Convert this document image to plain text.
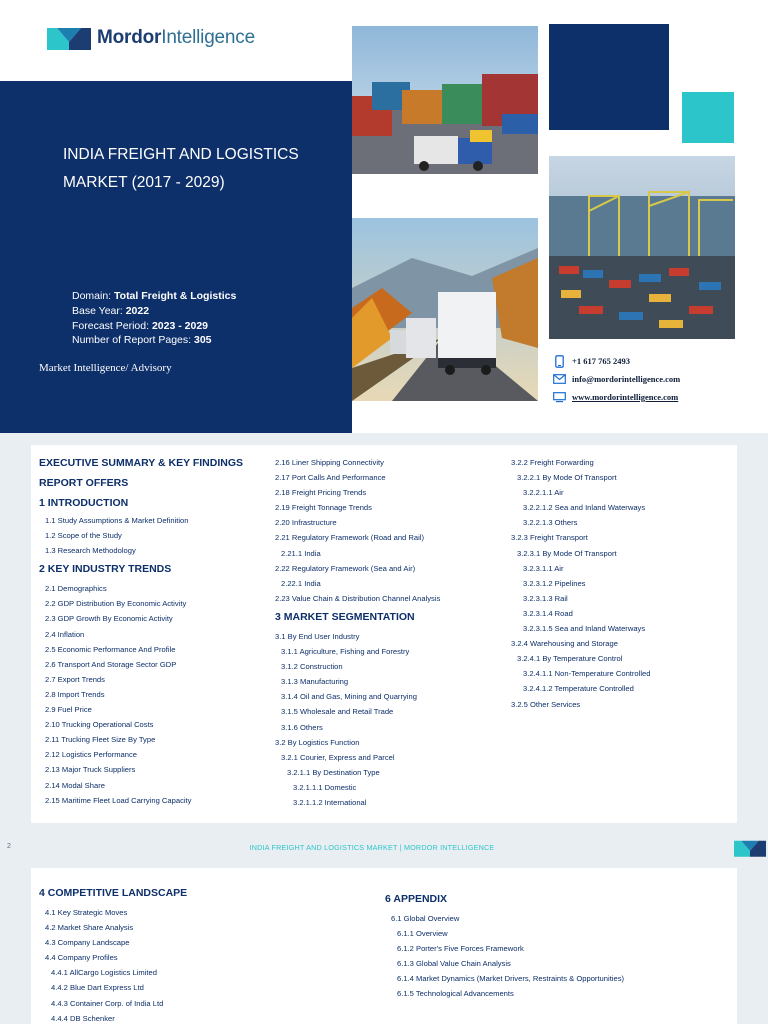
MordorIntelligence
INDIA FREIGHT AND LOGISTICS
MARKET (2017 - 2029)
Domain: Total Freight & Logistics
Base Year: 2022
Forecast Period: 2023 - 2029
Number of Report Pages: 305
Market Intelligence/ Advisory
+1 617 765 2493
info@mordorintelligence.com
www.mordorintelligence.com
EXECUTIVE SUMMARY & KEY FINDINGS
REPORT OFFERS
1 INTRODUCTION
1.1 Study Assumptions & Market Definition
1.2 Scope of the Study
1.3 Research Methodology
2 KEY INDUSTRY TRENDS
2.1 Demographics
2.2 GDP Distribution By Economic Activity
2.3 GDP Growth By Economic Activity
2.4 Inflation
2.5 Economic Performance And Profile
2.6 Transport And Storage Sector GDP
2.7 Export Trends
2.8 Import Trends
2.9 Fuel Price
2.10 Trucking Operational Costs
2.11 Trucking Fleet Size By Type
2.12 Logistics Performance
2.13 Major Truck Suppliers
2.14 Modal Share
2.15 Maritime Fleet Load Carrying Capacity
2.16 Liner Shipping Connectivity
2.17 Port Calls And Performance
2.18 Freight Pricing Trends
2.19 Freight Tonnage Trends
2.20 Infrastructure
2.21 Regulatory Framework (Road and Rail)
2.21.1 India
2.22 Regulatory Framework (Sea and Air)
2.22.1 India
2.23 Value Chain & Distribution Channel Analysis
3 MARKET SEGMENTATION
3.1 By End User Industry
3.1.1 Agriculture, Fishing and Forestry
3.1.2 Construction
3.1.3 Manufacturing
3.1.4 Oil and Gas, Mining and Quarrying
3.1.5 Wholesale and Retail Trade
3.1.6 Others
3.2 By Logistics Function
3.2.1 Courier, Express and Parcel
3.2.1.1 By Destination Type
3.2.1.1.1 Domestic
3.2.1.1.2 International
3.2.2 Freight Forwarding
3.2.2.1 By Mode Of Transport
3.2.2.1.1 Air
3.2.2.1.2 Sea and Inland Waterways
3.2.2.1.3 Others
3.2.3 Freight Transport
3.2.3.1 By Mode Of Transport
3.2.3.1.1 Air
3.2.3.1.2 Pipelines
3.2.3.1.3 Rail
3.2.3.1.4 Road
3.2.3.1.5 Sea and Inland Waterways
3.2.4 Warehousing and Storage
3.2.4.1 By Temperature Control
3.2.4.1.1 Non-Temperature Controlled
3.2.4.1.2 Temperature Controlled
3.2.5 Other Services
2	INDIA FREIGHT AND LOGISTICS MARKET | MORDOR INTELLIGENCE
4 COMPETITIVE LANDSCAPE
4.1 Key Strategic Moves
4.2 Market Share Analysis
4.3 Company Landscape
4.4 Company Profiles
4.4.1 AllCargo Logistics Limited
4.4.2 Blue Dart Express Ltd
4.4.3 Container Corp. of India Ltd
4.4.4 DB Schenker
6 APPENDIX
6.1 Global Overview
6.1.1 Overview
6.1.2 Porter's Five Forces Framework
6.1.3 Global Value Chain Analysis
6.1.4 Market Dynamics (Market Drivers, Restraints & Opportunities)
6.1.5 Technological Advancements
